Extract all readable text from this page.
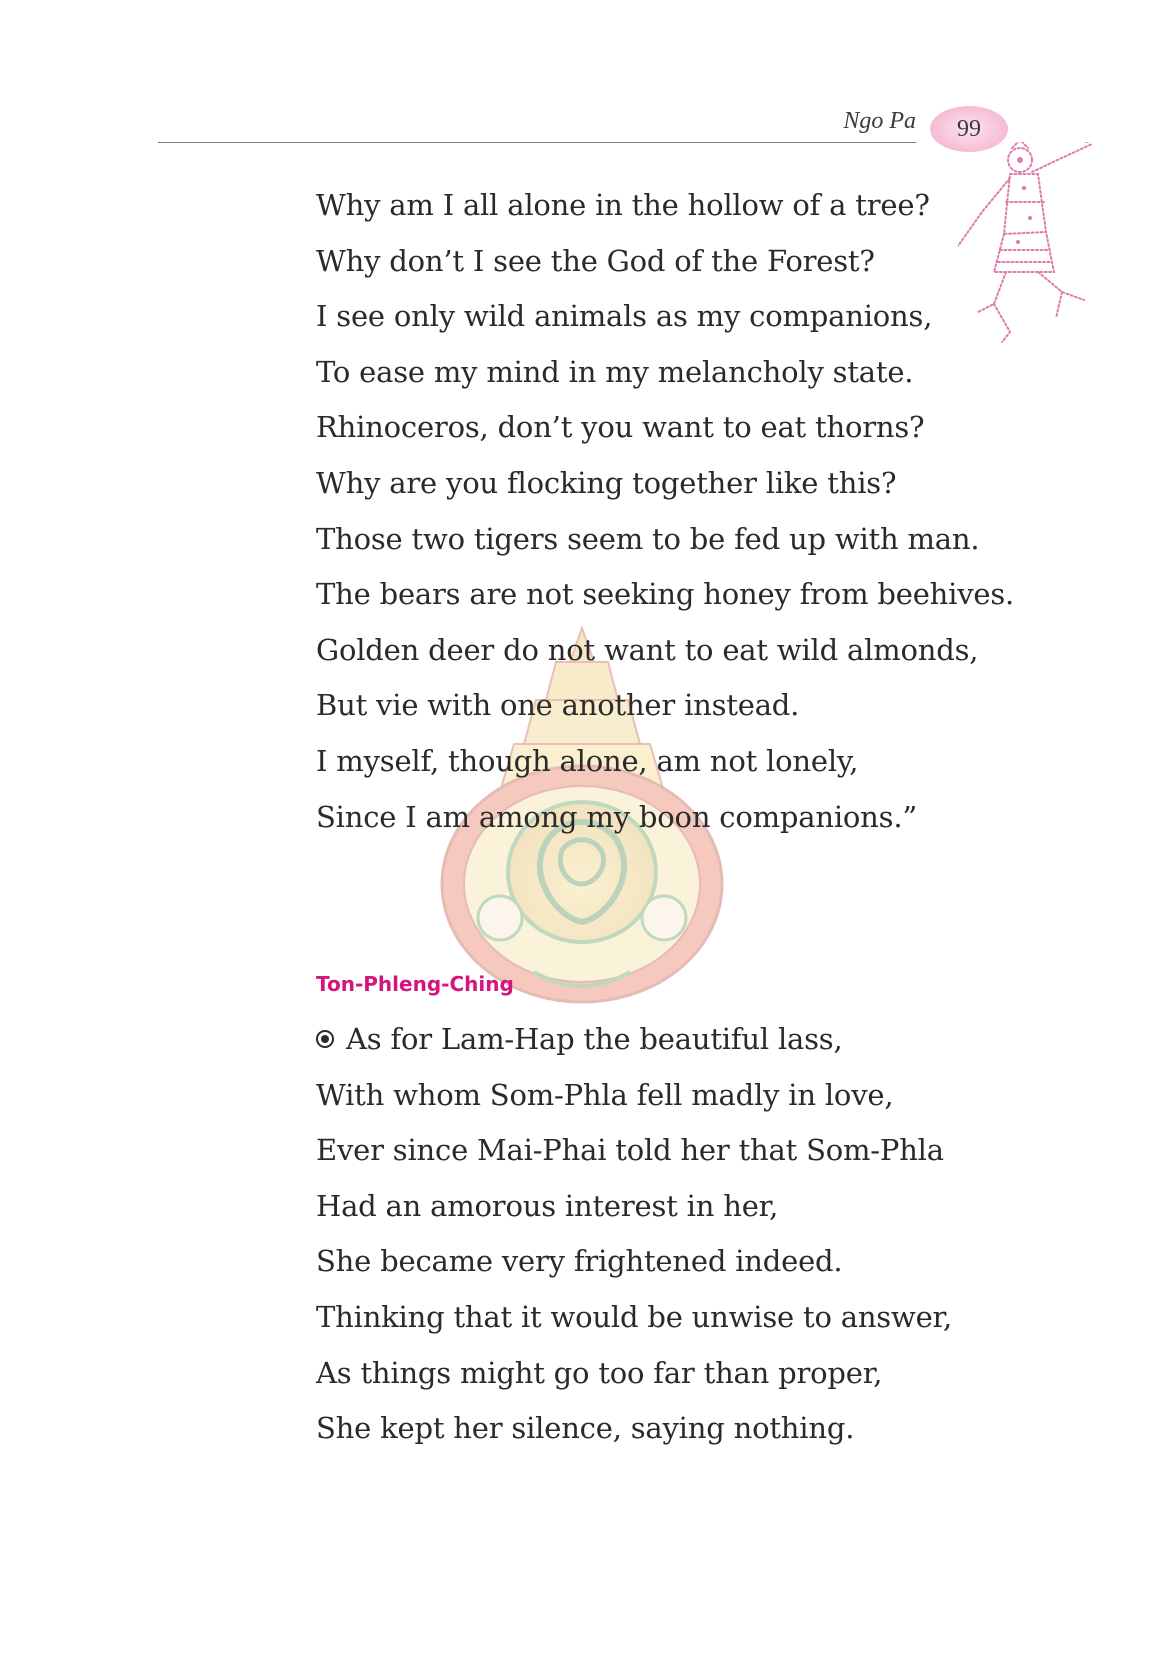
Ngo Pa	99
Why am I all alone in the hollow of a tree?
Why don’t I see the God of the Forest?
I see only wild animals as my companions,
To ease my mind in my melancholy state.
Rhinoceros, don’t you want to eat thorns?
Why are you flocking together like this?
Those two tigers seem to be fed up with man.
The bears are not seeking honey from beehives.
Golden deer do not want to eat wild almonds,
But vie with one another instead.
I myself, though alone, am not lonely,
Since I am among my boon companions.”
Ton-Phleng-Ching
As for Lam-Hap the beautiful lass,
With whom Som-Phla fell madly in love,
Ever since Mai-Phai told her that Som-Phla
Had an amorous interest in her,
She became very frightened indeed.
Thinking that it would be unwise to answer,
As things might go too far than proper,
She kept her silence, saying nothing.
